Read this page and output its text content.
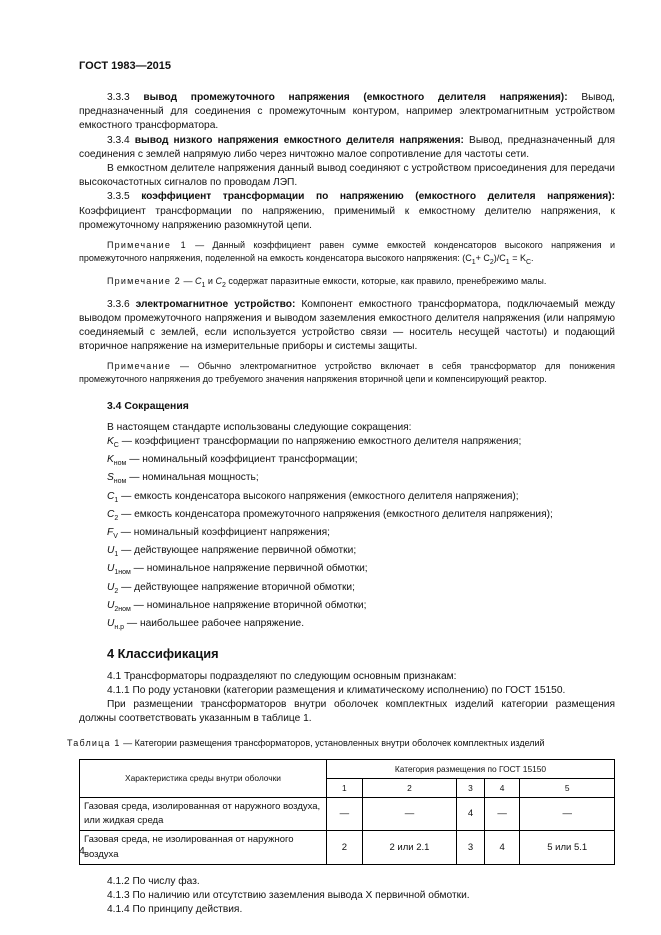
ГОСТ 1983—2015

3.3.3 вывод промежуточного напряжения (емкостного делителя напряжения): Вывод, предназначенный для соединения с промежуточным контуром, например электромагнитным устройством емкостного трансформатора.

3.3.4 вывод низкого напряжения емкостного делителя напряжения: Вывод, предназначенный для соединения с землей напрямую либо через ничтожно малое сопротивление для частоты сети.

В емкостном делителе напряжения данный вывод соединяют с устройством присоединения для передачи высокочастотных сигналов по проводам ЛЭП.

3.3.5 коэффициент трансформации по напряжению (емкостного делителя напряжения): Коэффициент трансформации по напряжению, применимый к емкостному делителю напряжения, к промежуточному напряжению разомкнутой цепи.

Примечание 1 — Данный коэффициент равен сумме емкостей конденсаторов высокого напряжения и промежуточного напряжения, поделенной на емкость конденсатора высокого напряжения: $(C_1+ C_2)/C_1 = K_C$.

Примечание 2 — $C_1$ и $C_2$ содержат паразитные емкости, которые, как правило, пренебрежимо малы.

3.3.6 электромагнитное устройство: Компонент емкостного трансформатора, подключаемый между выводом промежуточного напряжения и выводом заземления емкостного делителя напряжения (или напрямую соединяемый с землей, если используется устройство связи — носитель несущей частоты) и подающий вторичное напряжение на измерительные приборы и системы защиты.

Примечание — Обычно электромагнитное устройство включает в себя трансформатор для понижения промежуточного напряжения до требуемого значения напряжения вторичной цепи и компенсирующий реактор.

3.4 Сокращения

В настоящем стандарте использованы следующие сокращения:

$K_C$ — коэффициент трансформации по напряжению емкостного делителя напряжения;
$K_{ном}$ — номинальный коэффициент трансформации;
$S_{ном}$ — номинальная мощность;
$C_1$ — емкость конденсатора высокого напряжения (емкостного делителя напряжения);
$C_2$ — емкость конденсатора промежуточного напряжения (емкостного делителя напряжения);
$F_V$ — номинальный коэффициент напряжения;
$U_1$ — действующее напряжение первичной обмотки;
$U_{1ном}$ — номинальное напряжение первичной обмотки;
$U_2$ — действующее напряжение вторичной обмотки;
$U_{2ном}$ — номинальное напряжение вторичной обмотки;
$U_{н.р}$ — наибольшее рабочее напряжение.
4 Классификация

4.1 Трансформаторы подразделяют по следующим основным признакам:

4.1.1 По роду установки (категории размещения и климатическому исполнению) по ГОСТ 15150.

При размещении трансформаторов внутри оболочек комплектных изделий категории размещения должны соответствовать указанным в таблице 1.

Таблица 1 — Категории размещения трансформаторов, установленных внутри оболочек комплектных изделий
Характеристика среды внутри оболочки	Категория размещения по ГОСТ 15150				
	1	2	3	4	5
Газовая среда, изолированная от наружного воздуха, или жидкая среда	—	—	4	—	—
Газовая среда, не изолированная от наружного воздуха	2	2 или 2.1	3	4	5 или 5.1

4.1.2 По числу фаз.

4.1.3 По наличию или отсутствию заземления вывода X первичной обмотки.

4.1.4 По принципу действия.

4
